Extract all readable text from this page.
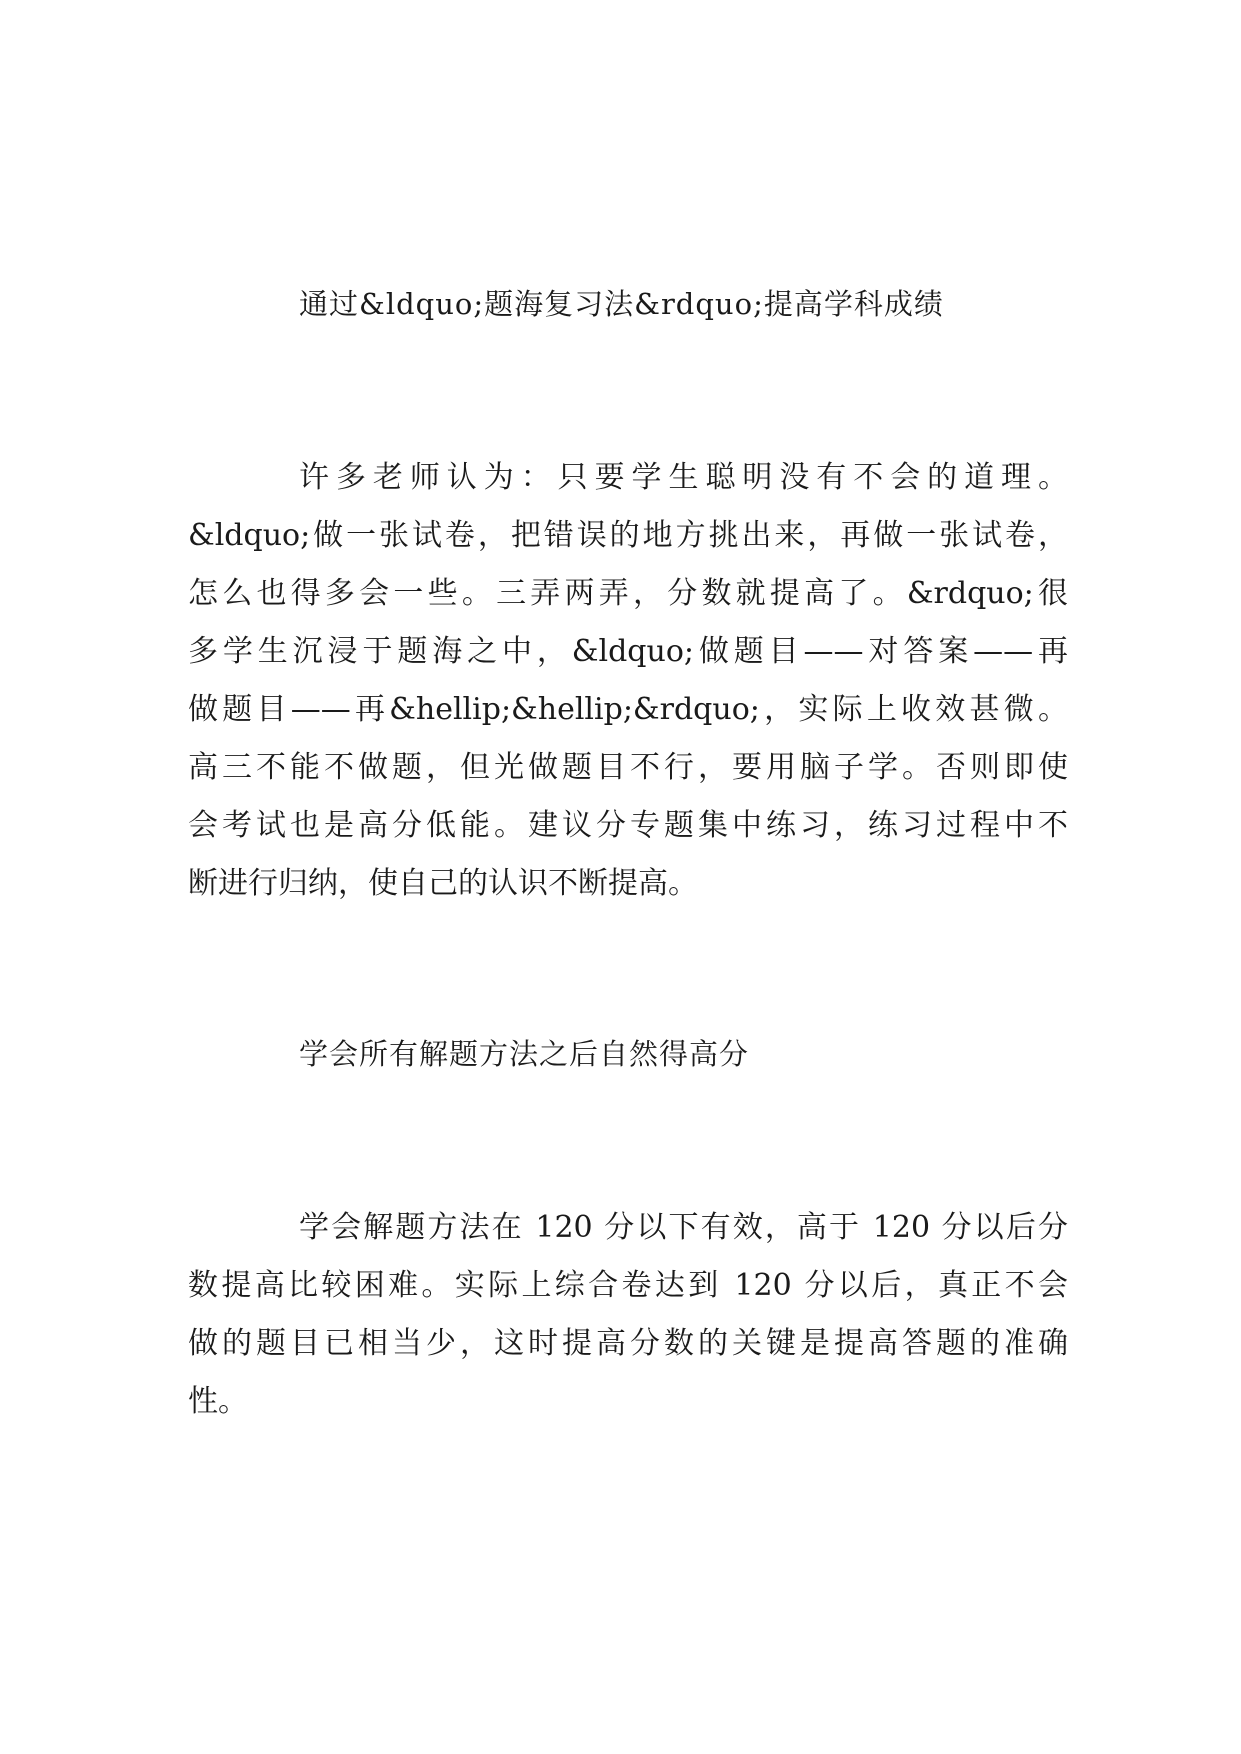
通过&ldquo;题海复习法&rdquo;提高学科成绩

许多老师认为：只要学生聪明没有不会的道理。

&ldquo;做一张试卷，把错误的地方挑出来，再做一张试卷，

怎么也得多会一些。三弄两弄，分数就提高了。&rdquo;很

多学生沉浸于题海之中，&ldquo;做题目——对答案——再

做题目——再&hellip;&hellip;&rdquo;，实际上收效甚微。

高三不能不做题，但光做题目不行，要用脑子学。否则即使

会考试也是高分低能。建议分专题集中练习，练习过程中不

断进行归纳，使自己的认识不断提高。

学会所有解题方法之后自然得高分

学会解题方法在 120 分以下有效，高于 120 分以后分

数提高比较困难。实际上综合卷达到 120 分以后，真正不会

做的题目已相当少，这时提高分数的关键是提高答题的准确

性。
